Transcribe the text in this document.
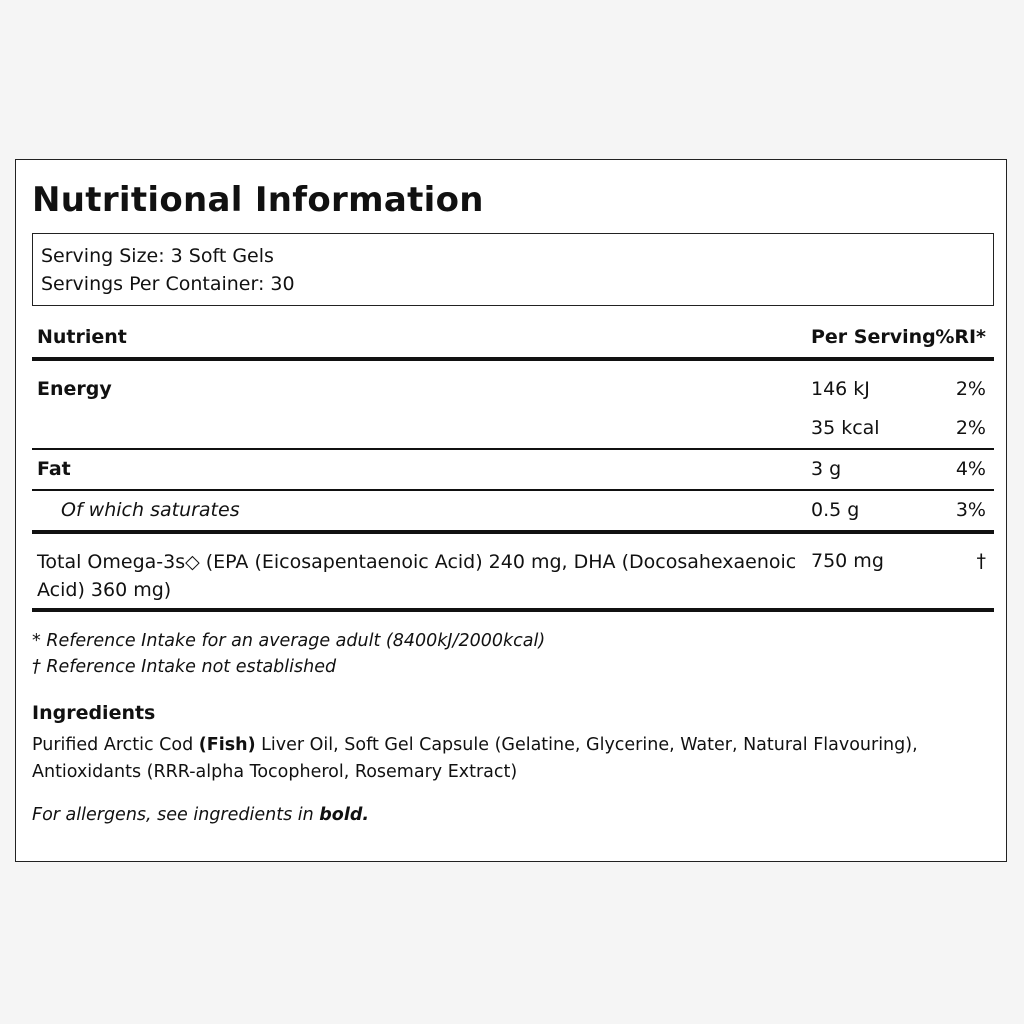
Nutritional Information
Serving Size: 3 Soft Gels
Servings Per Container: 30
Nutrient	Per Serving %RI*
Energy	146 kJ	2%
35 kcal	2%
Fat	3 g	4%
Of which saturates	0.5 g	3%
Total Omega-3s◇ (EPA (Eicosapentaenoic Acid) 240 mg, DHA (Docosahexaenoic Acid) 360 mg)
750 mg	†
* Reference Intake for an average adult (8400kJ/2000kcal)
† Reference Intake not established
Ingredients
Purified Arctic Cod (Fish) Liver Oil, Soft Gel Capsule (Gelatine, Glycerine, Water, Natural Flavouring), Antioxidants (RRR-alpha Tocopherol, Rosemary Extract)
For allergens, see ingredients in bold.
